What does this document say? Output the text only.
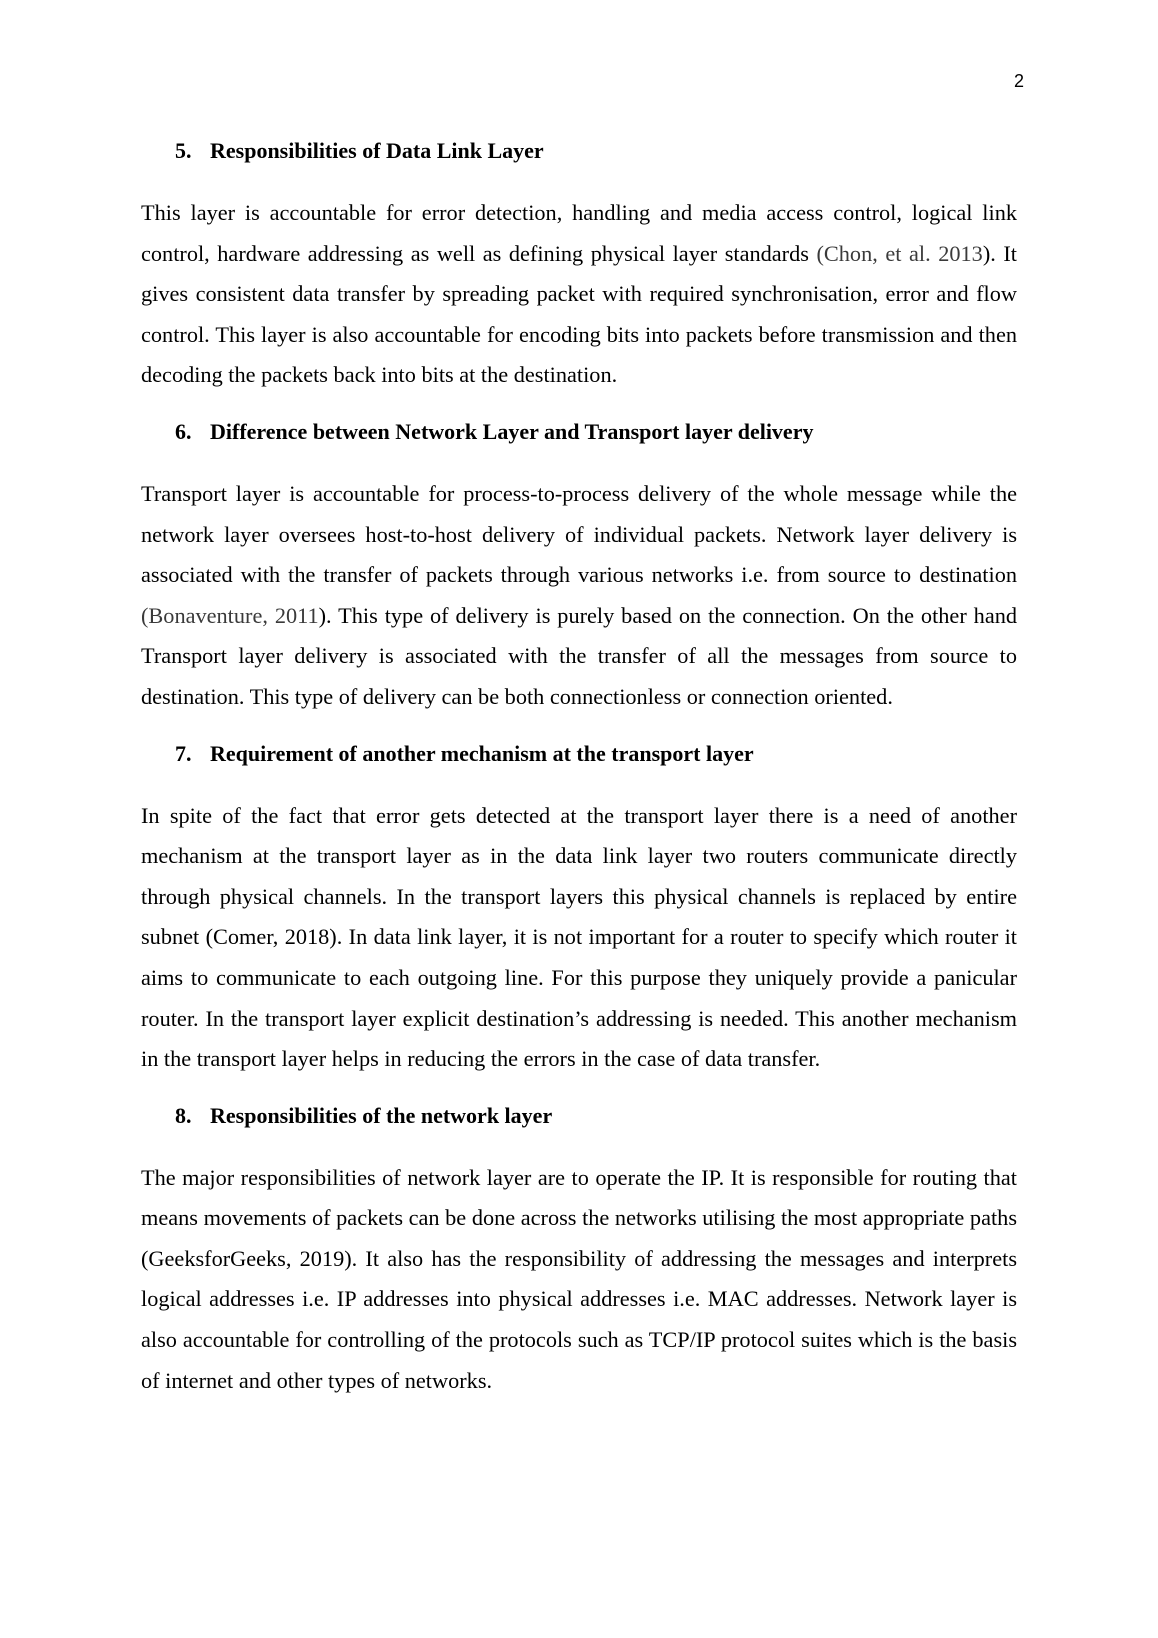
2
5. Responsibilities of Data Link Layer

This layer is accountable for error detection, handling and media access control, logical link control, hardware addressing as well as defining physical layer standards (Chon, et al. 2013). It gives consistent data transfer by spreading packet with required synchronisation, error and flow control. This layer is also accountable for encoding bits into packets before transmission and then decoding the packets back into bits at the destination.

6. Difference between Network Layer and Transport layer delivery

Transport layer is accountable for process-to-process delivery of the whole message while the network layer oversees host-to-host delivery of individual packets. Network layer delivery is associated with the transfer of packets through various networks i.e. from source to destination (Bonaventure, 2011). This type of delivery is purely based on the connection. On the other hand Transport layer delivery is associated with the transfer of all the messages from source to destination. This type of delivery can be both connectionless or connection oriented.

7. Requirement of another mechanism at the transport layer

In spite of the fact that error gets detected at the transport layer there is a need of another mechanism at the transport layer as in the data link layer two routers communicate directly through physical channels. In the transport layers this physical channels is replaced by entire subnet (Comer, 2018). In data link layer, it is not important for a router to specify which router it aims to communicate to each outgoing line. For this purpose they uniquely provide a panicular router. In the transport layer explicit destination’s addressing is needed. This another mechanism in the transport layer helps in reducing the errors in the case of data transfer.

8. Responsibilities of the network layer

The major responsibilities of network layer are to operate the IP. It is responsible for routing that means movements of packets can be done across the networks utilising the most appropriate paths (GeeksforGeeks, 2019). It also has the responsibility of addressing the messages and interprets logical addresses i.e. IP addresses into physical addresses i.e. MAC addresses. Network layer is also accountable for controlling of the protocols such as TCP/IP protocol suites which is the basis of internet and other types of networks.
